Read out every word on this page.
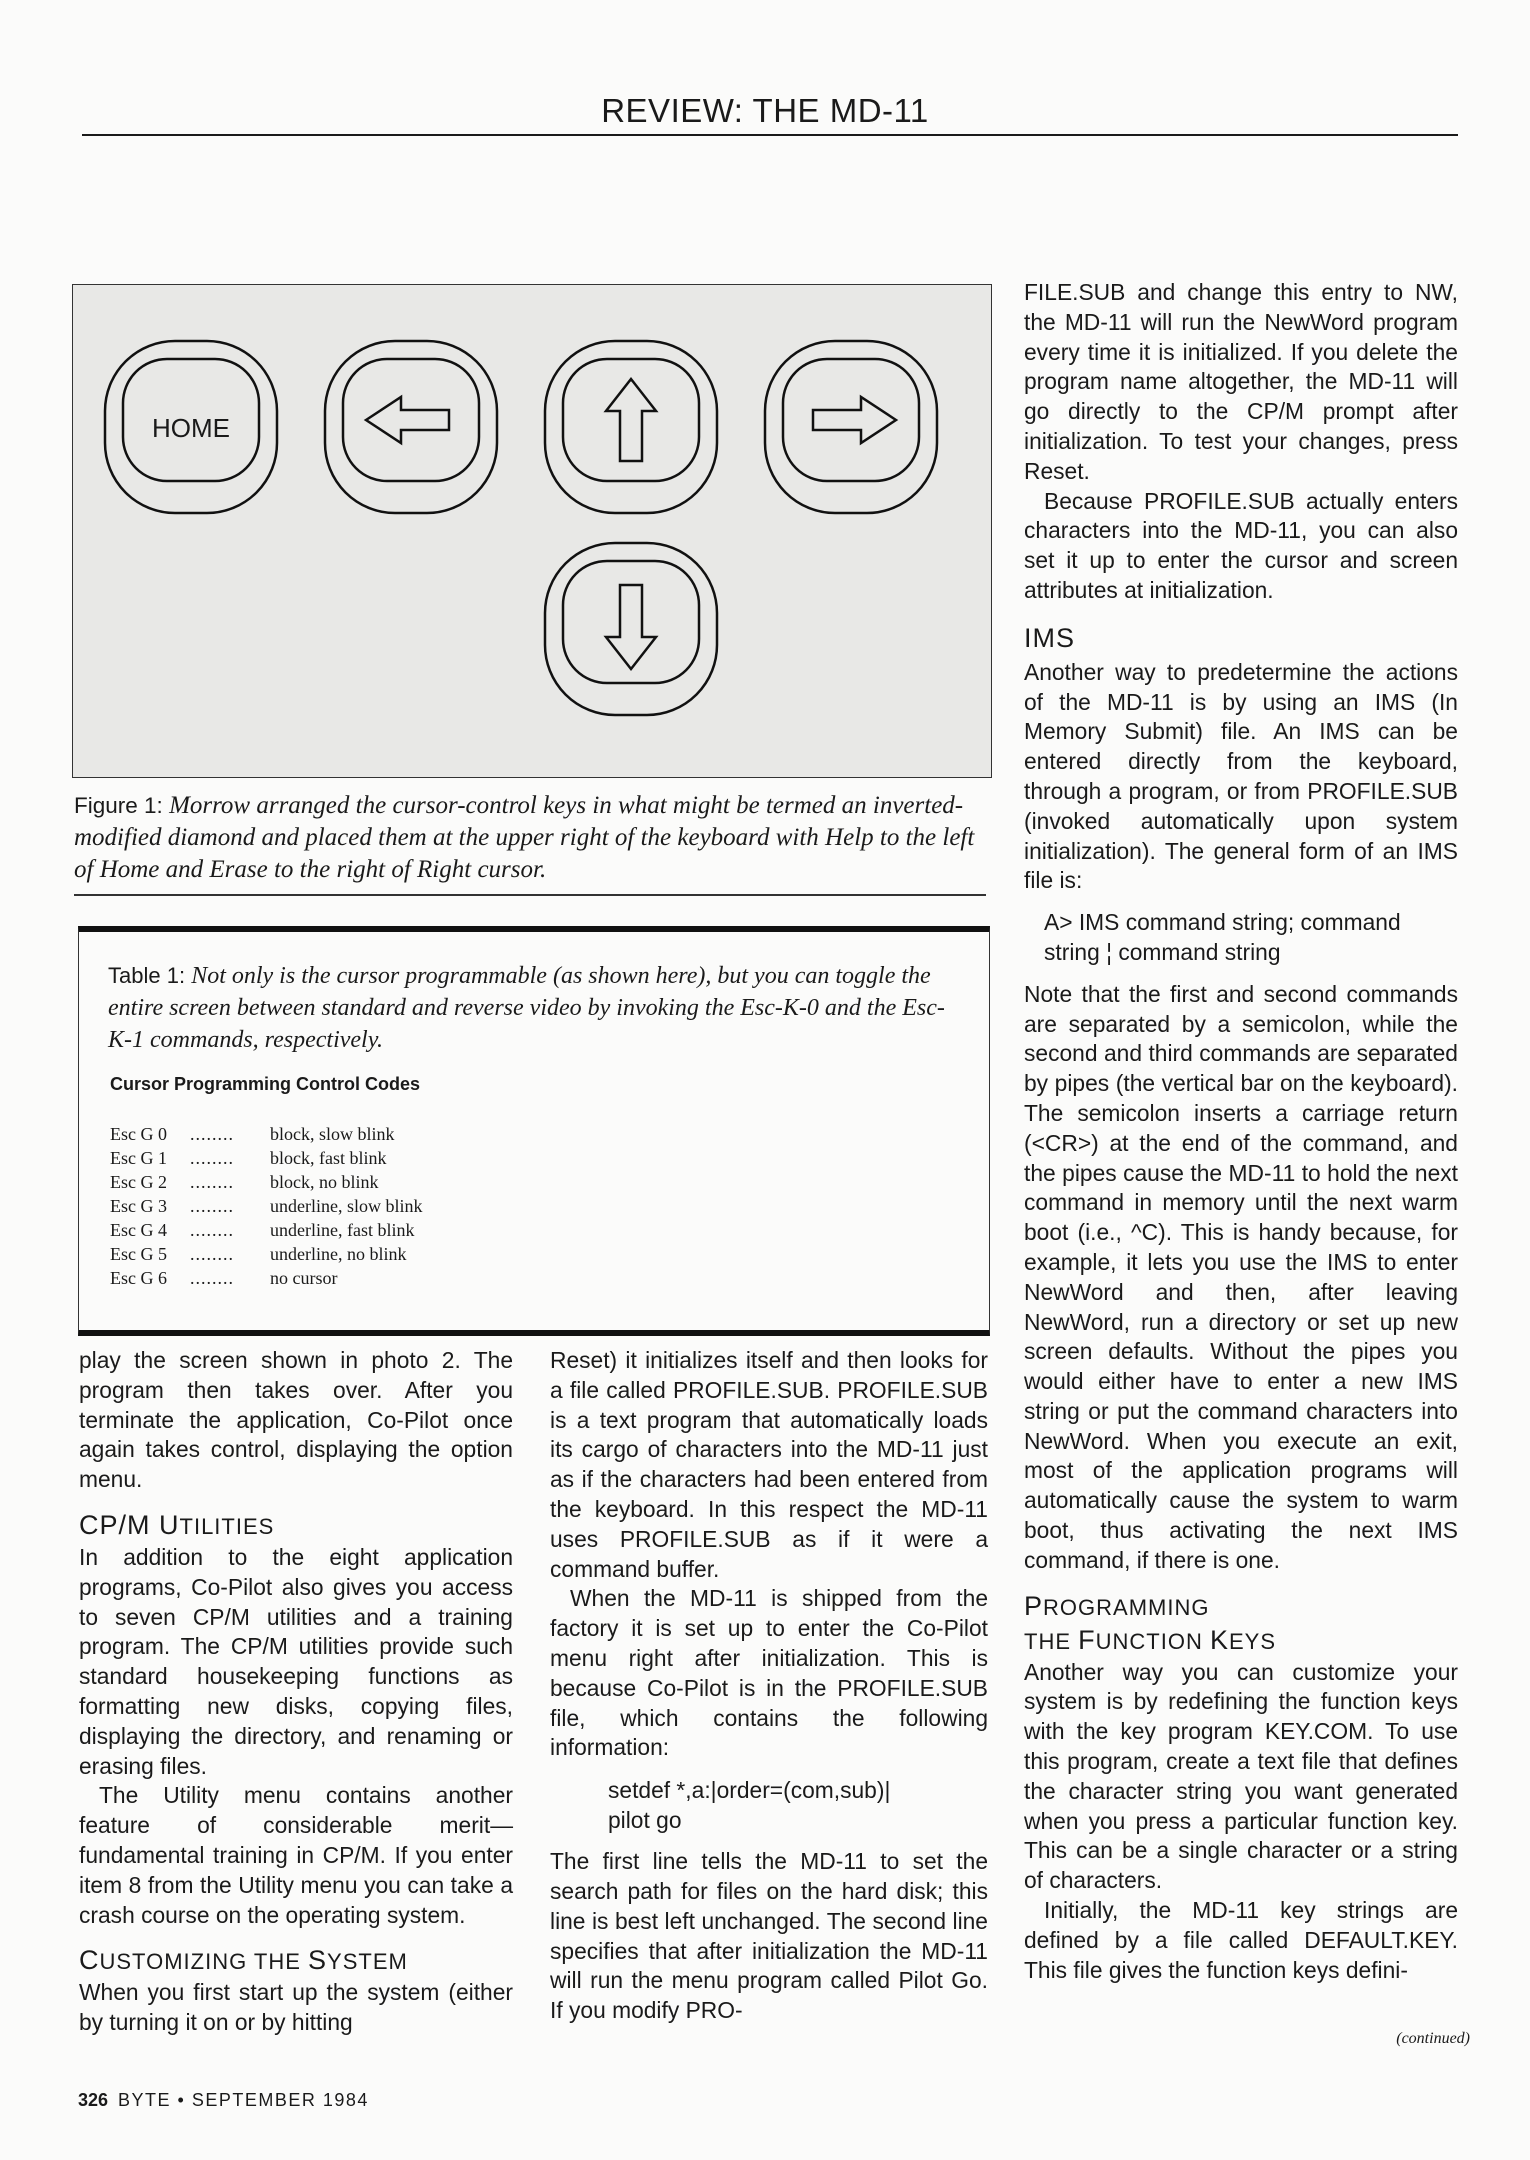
REVIEW: THE MD-11
HOME
Figure 1: Morrow arranged the cursor-control keys in what might be termed an inverted-modified diamond and placed them at the upper right of the keyboard with Help to the left of Home and Erase to the right of Right cursor.
Table 1: Not only is the cursor programmable (as shown here), but you can toggle the entire screen between standard and reverse video by invoking the Esc-K-0 and the Esc-K-1 commands, respectively.
Cursor Programming Control Codes
Esc G 0 ........ block, slow blink
Esc G 1 ........ block, fast blink
Esc G 2 ........ block, no blink
Esc G 3 ........ underline, slow blink
Esc G 4 ........ underline, fast blink
Esc G 5 ........ underline, no blink
Esc G 6 ........ no cursor

play the screen shown in photo 2. The program then takes over. After you terminate the application, Co-Pilot once again takes control, displaying the option menu.

CP/M UTILITIES

In addition to the eight application programs, Co-Pilot also gives you access to seven CP/M utilities and a training program. The CP/M utilities provide such standard housekeeping functions as formatting new disks, copying files, displaying the directory, and renaming or erasing files.

The Utility menu contains another feature of considerable merit—fundamental training in CP/M. If you enter item 8 from the Utility menu you can take a crash course on the operating system.

CUSTOMIZING THE SYSTEM

When you first start up the system (either by turning it on or by hitting

Reset) it initializes itself and then looks for a file called PROFILE.SUB. PROFILE.SUB is a text program that automatically loads its cargo of characters into the MD-11 just as if the characters had been entered from the keyboard. In this respect the MD-11 uses PROFILE.SUB as if it were a command buffer.

When the MD-11 is shipped from the factory it is set up to enter the Co-Pilot menu right after initialization. This is because Co-Pilot is in the PROFILE.SUB file, which contains the following information:

setdef *,a:|order=(com,sub)|
pilot go

The first line tells the MD-11 to set the search path for files on the hard disk; this line is best left unchanged. The second line specifies that after initialization the MD-11 will run the menu program called Pilot Go. If you modify PRO-

FILE.SUB and change this entry to NW, the MD-11 will run the NewWord program every time it is initialized. If you delete the program name altogether, the MD-11 will go directly to the CP/M prompt after initialization. To test your changes, press Reset.

Because PROFILE.SUB actually enters characters into the MD-11, you can also set it up to enter the cursor and screen attributes at initialization.

IMS

Another way to predetermine the actions of the MD-11 is by using an IMS (In Memory Submit) file. An IMS can be entered directly from the keyboard, through a program, or from PROFILE.SUB (invoked automatically upon system initialization). The general form of an IMS file is:

A> IMS command string; command string ¦ command string

Note that the first and second commands are separated by a semicolon, while the second and third commands are separated by pipes (the vertical bar on the keyboard). The semicolon inserts a carriage return (<CR>) at the end of the command, and the pipes cause the MD-11 to hold the next command in memory until the next warm boot (i.e., ^C). This is handy because, for example, it lets you use the IMS to enter NewWord and then, after leaving NewWord, run a directory or set up new screen defaults. Without the pipes you would either have to enter a new IMS string or put the command characters into NewWord. When you execute an exit, most of the application programs will automatically cause the system to warm boot, thus activating the next IMS command, if there is one.

PROGRAMMING
THE FUNCTION KEYS

Another way you can customize your system is by redefining the function keys with the key program KEY.COM. To use this program, create a text file that defines the character string you want generated when you press a particular function key. This can be a single character or a string of characters.

Initially, the MD-11 key strings are defined by a file called DEFAULT.KEY. This file gives the function keys defini-

(continued)
326 BYTE • SEPTEMBER 1984
